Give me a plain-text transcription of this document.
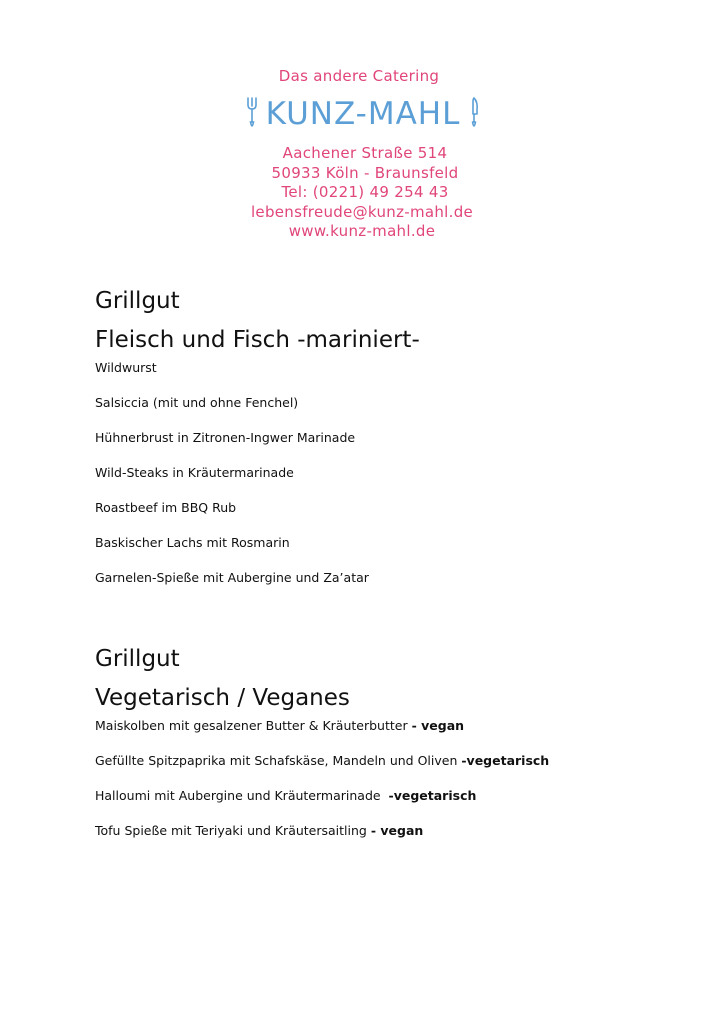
Das andere Catering
KUNZ-MAHL
Aachener Straße 514
50933 Köln - Braunsfeld
Tel: (0221) 49 254 43
lebensfreude@kunz-mahl.de
www.kunz-mahl.de
Grillgut
Fleisch und Fisch -mariniert-
Wildwurst
Salsiccia (mit und ohne Fenchel)
Hühnerbrust in Zitronen-Ingwer Marinade
Wild-Steaks in Kräutermarinade
Roastbeef im BBQ Rub
Baskischer Lachs mit Rosmarin
Garnelen-Spieße mit Aubergine und Za’atar
Grillgut
Vegetarisch / Veganes
Maiskolben mit gesalzener Butter & Kräuterbutter - vegan
Gefüllte Spitzpaprika mit Schafskäse, Mandeln und Oliven -vegetarisch
Halloumi mit Aubergine und Kräutermarinade  -vegetarisch
Tofu Spieße mit Teriyaki und Kräutersaitling - vegan
